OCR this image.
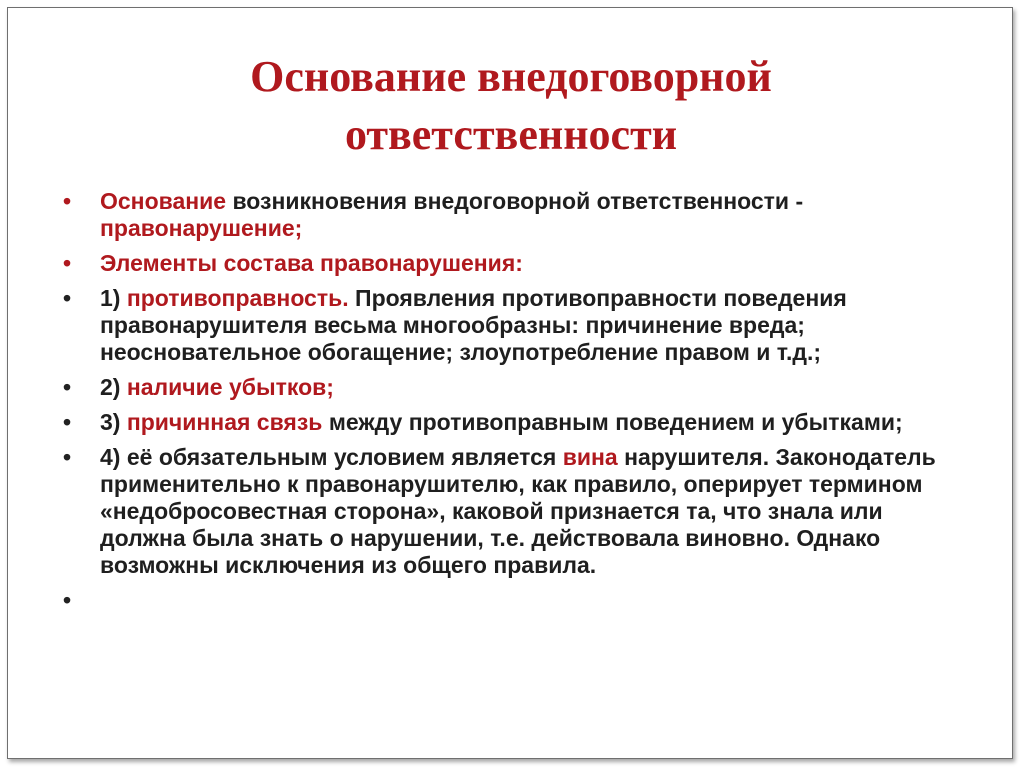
Основание внедоговорной
ответственности
• Основание возникновения внедоговорной ответственности -
правонарушение;
• Элементы состава правонарушения:
• 1) противоправность. Проявления противоправности поведения правонарушителя весьма многообразны: причинение вреда; неосновательное обогащение; злоупотребление правом и т.д.;
• 2) наличие убытков;
• 3) причинная связь между противоправным поведением и убытками;
• 4) её обязательным условием является вина нарушителя. Законодатель применительно к правонарушителю, как правило, оперирует термином «недобросовестная сторона», каковой признается та, что знала или должна была знать о нарушении, т.е. действовала виновно. Однако возможны исключения из общего правила.
•
